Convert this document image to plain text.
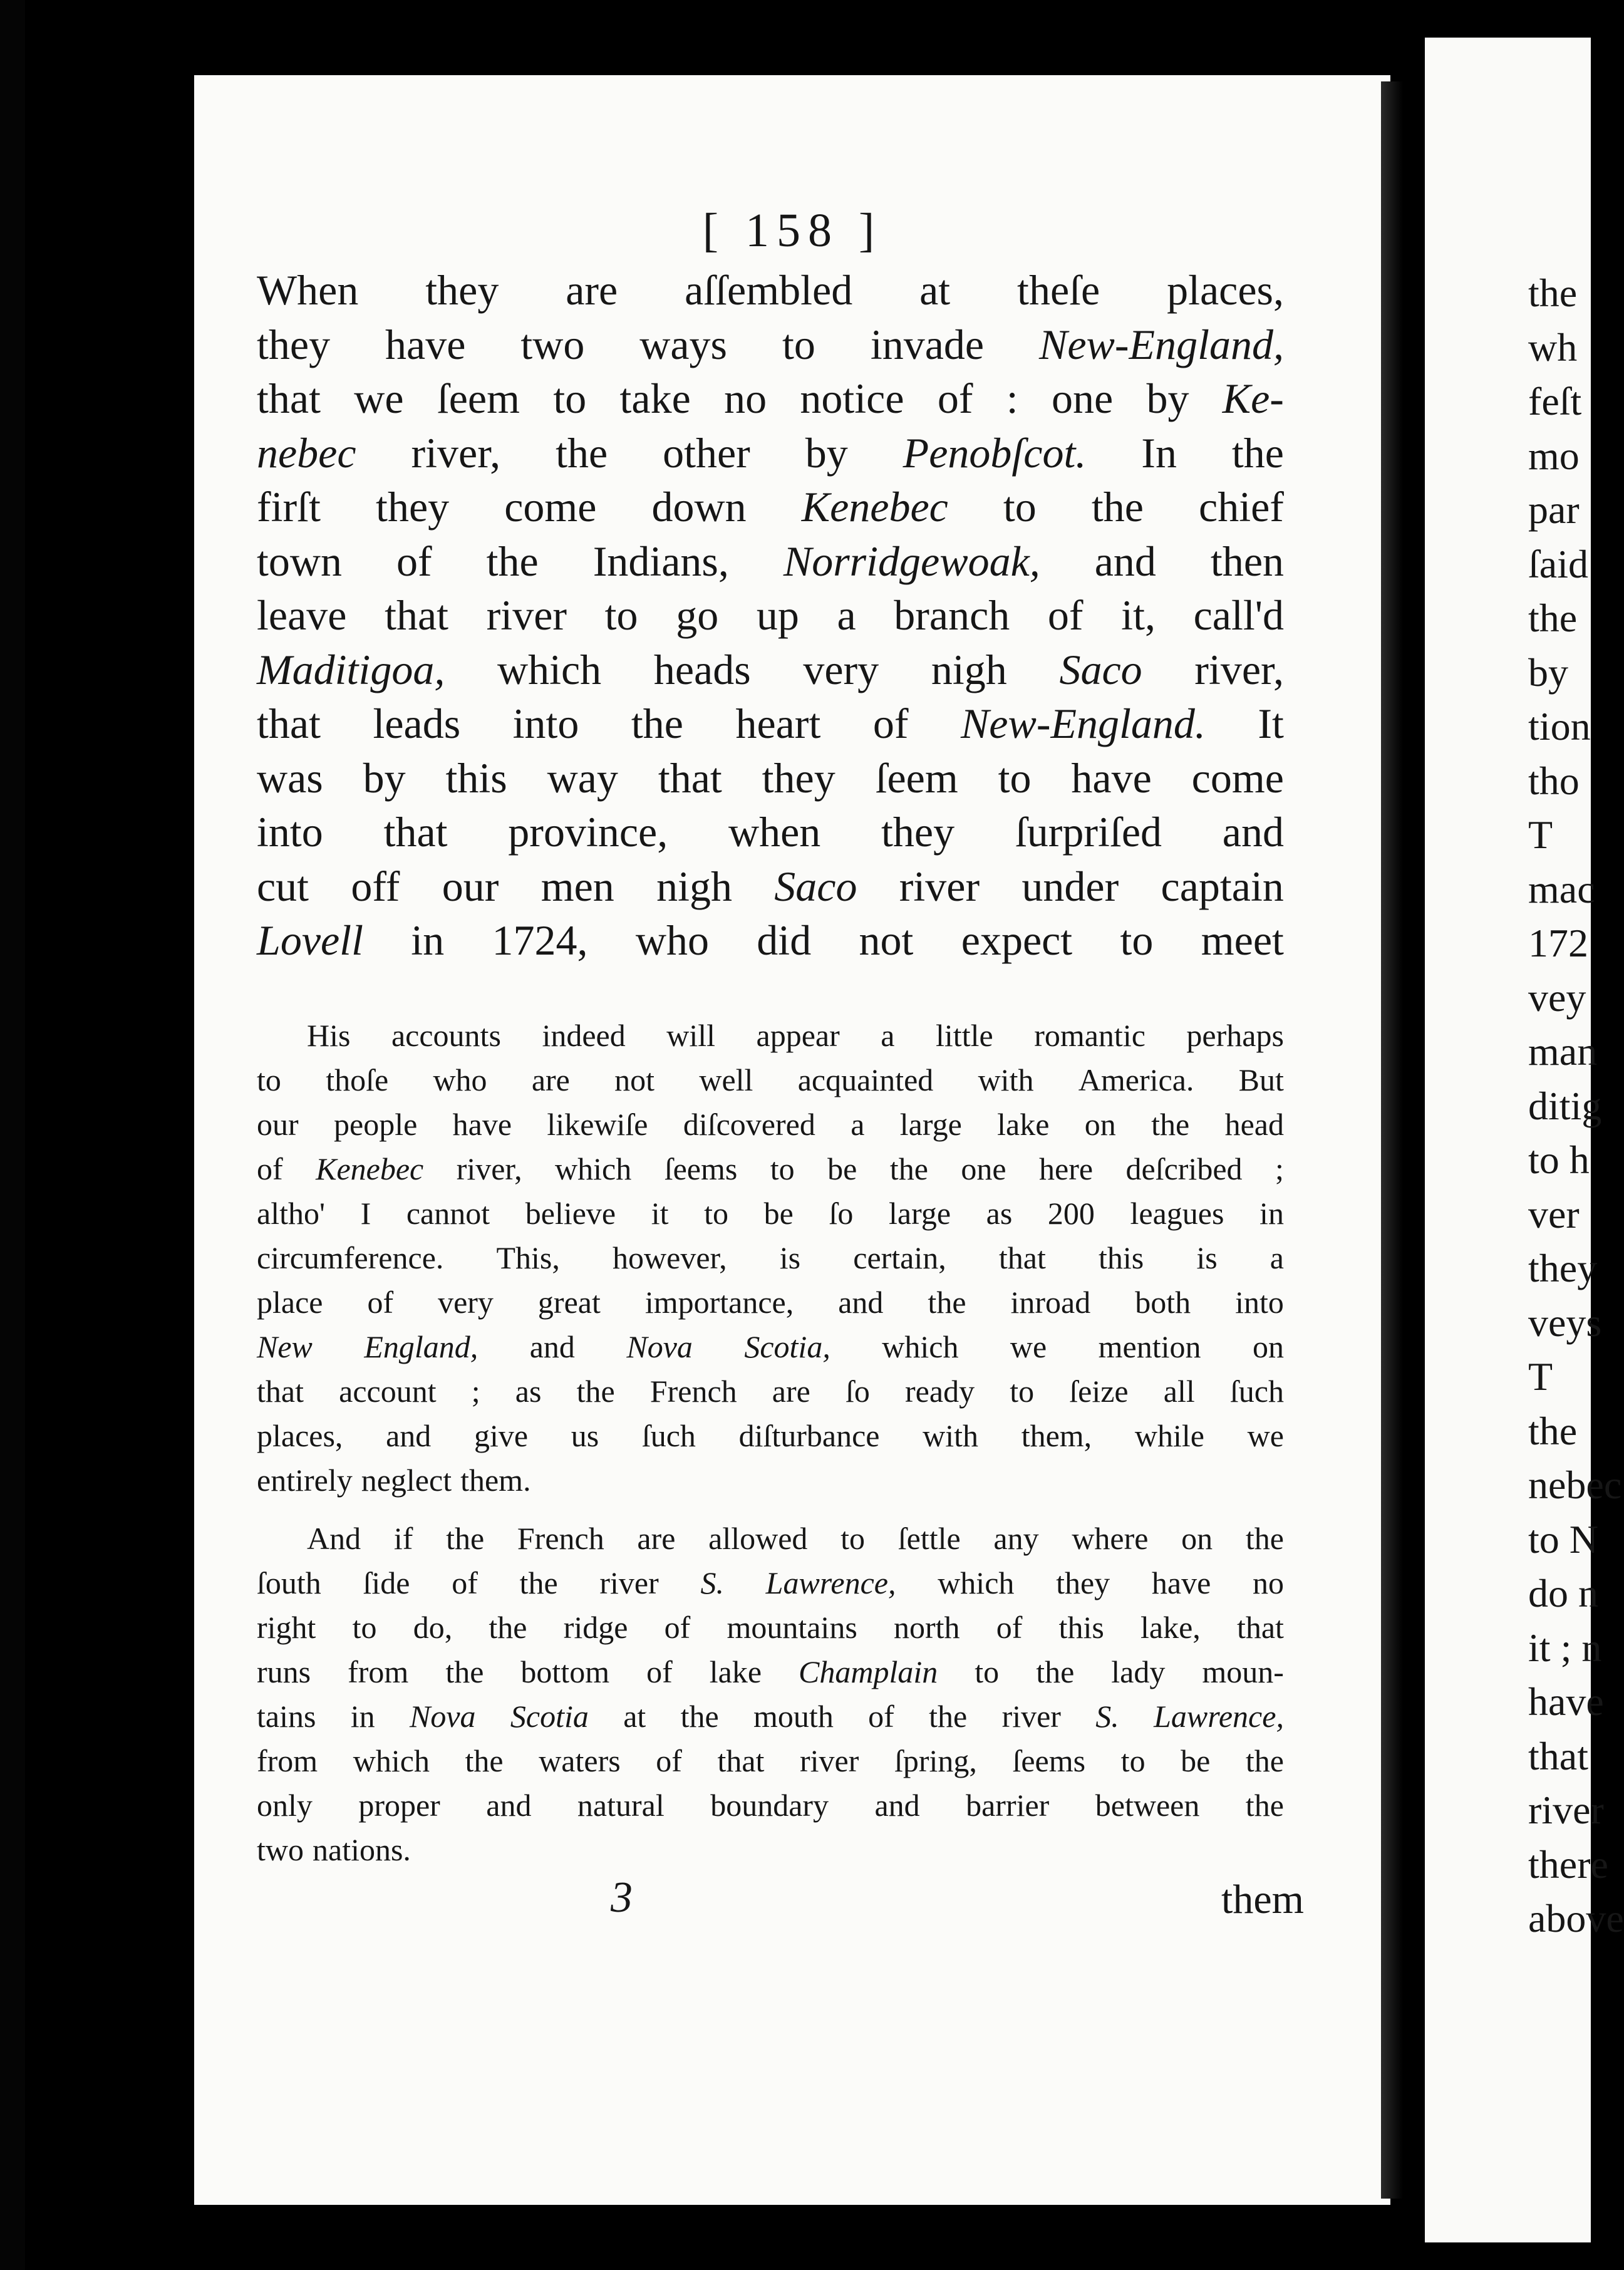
[ 158 ]
When they are aſſembled at theſe places,
they have two ways to invade New-England,
that we ſeem to take no notice of : one by Ke-
nebec river, the other by Penobſcot. In the
firſt they come down Kenebec to the chief
town of the Indians, Norridgewoak, and then
leave that river to go up a branch of it, call'd
Maditigoa, which heads very nigh Saco river,
that leads into the heart of New-England. It
was by this way that they ſeem to have come
into that province, when they ſurpriſed and
cut off our men nigh Saco river under captain
Lovell in 1724, who did not expect to meet
His accounts indeed will appear a little romantic perhaps
to thoſe who are not well acquainted with America. But
our people have likewiſe diſcovered a large lake on the head
of Kenebec river, which ſeems to be the one here deſcribed ;
altho' I cannot believe it to be ſo large as 200 leagues in
circumference. This, however, is certain, that this is a
place of very great importance, and the inroad both into
New England, and Nova Scotia, which we mention on
that account ; as the French are ſo ready to ſeize all ſuch
places, and give us ſuch diſturbance with them, while we
entirely neglect them.
And if the French are allowed to ſettle any where on the
ſouth ſide of the river S. Lawrence, which they have no
right to do, the ridge of mountains north of this lake, that
runs from the bottom of lake Champlain to the lady moun-
tains in Nova Scotia at the mouth of the river S. Lawrence,
from which the waters of that river ſpring, ſeems to be the
only proper and natural boundary and barrier between the
two nations.
3	them
the
wh
feſt
mo
par
ſaid
the
by
tion
tho
T
mac
172
vey
man
ditig
to h
ver
they
veys
T
the
nebec
to N
do n
it ; n
have
that
river
there
above
